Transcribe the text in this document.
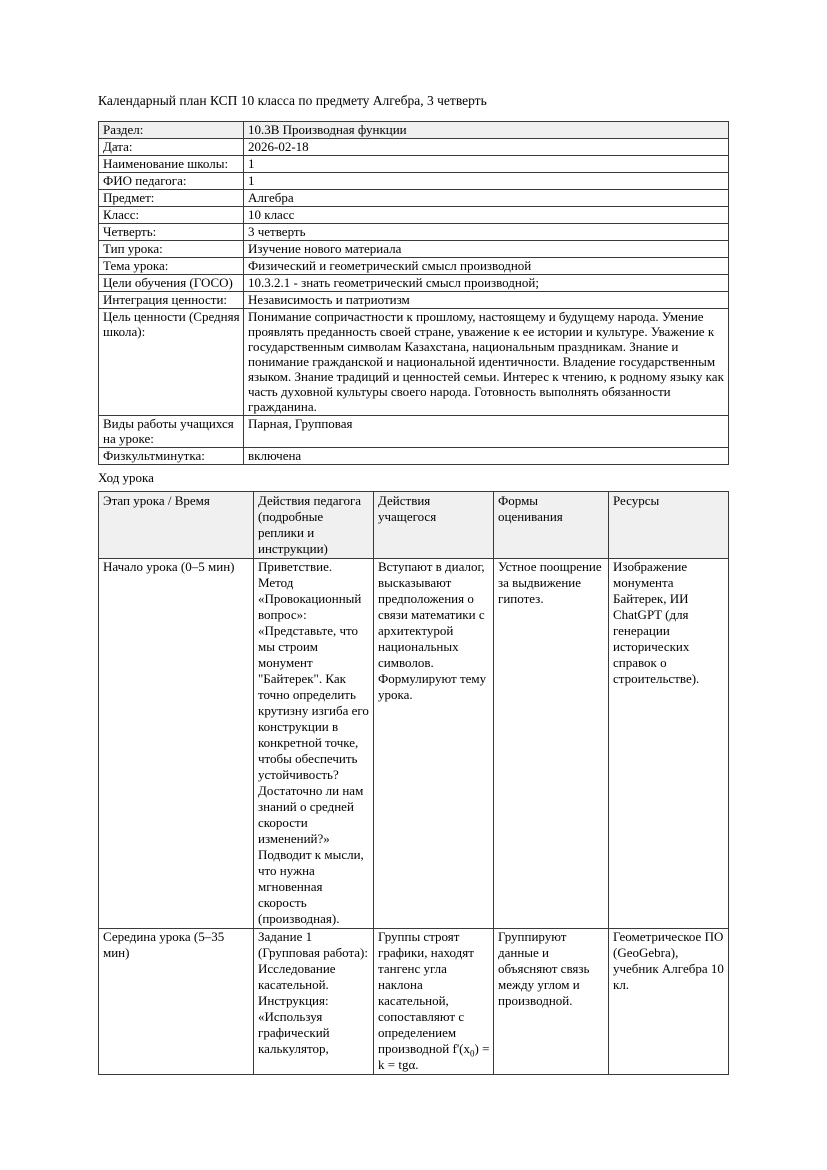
Календарный план КСП 10 класса по предмету Алгебра, 3 четверть

Раздел:	10.3B Производная функции
Дата:	2026-02-18
Наименование школы:	1
ФИО педагога:	1
Предмет:	Алгебра
Класс:	10 класс
Четверть:	3 четверть
Тип урока:	Изучение нового материала
Тема урока:	Физический и геометрический смысл производной
Цели обучения (ГОСО)	10.3.2.1 - знать геометрический смысл производной;
Интеграция ценности:	Независимость и патриотизм
Цель ценности (Средняя школа):	Понимание сопричастности к прошлому, настоящему и будущему народа. Умение проявлять преданность своей стране, уважение к ее истории и культуре. Уважение к государственным символам Казахстана, национальным праздникам. Знание и понимание гражданской и национальной идентичности. Владение государственным языком. Знание традиций и ценностей семьи. Интерес к чтению, к родному языку как часть духовной культуры своего народа. Готовность выполнять обязанности гражданина.
Виды работы учащихся на уроке:	Парная, Групповая
Физкультминутка:	включена

Ход урока

Этап урока / Время	Действия педагога (подробные реплики и инструкции)	Действия учащегося	Формы оценивания	Ресурсы
Начало урока (0–5 мин)	Приветствие. Метод «Провокационный вопрос»: «Представьте, что мы строим монумент "Байтерек". Как точно определить крутизну изгиба его конструкции в конкретной точке, чтобы обеспечить устойчивость? Достаточно ли нам знаний о средней скорости изменений?» Подводит к мысли, что нужна мгновенная скорость (производная).	Вступают в диалог, высказывают предположения о связи математики с архитектурой национальных символов. Формулируют тему урока.	Устное поощрение за выдвижение гипотез.	Изображение монумента Байтерек, ИИ ChatGPT (для генерации исторических справок о строительстве).

Середина урока (5–35 мин)	Задание 1 (Групповая работа): Исследование касательной. Инструкция: «Используя графический калькулятор,	Группы строят графики, находят тангенс угла наклона касательной, сопоставляют с определением производной $f'(x_0) = k = tg\alpha$.	Группируют данные и объясняют связь между углом и производной.	Геометрическое ПО (GeoGebra), учебник Алгебра 10 кл.
